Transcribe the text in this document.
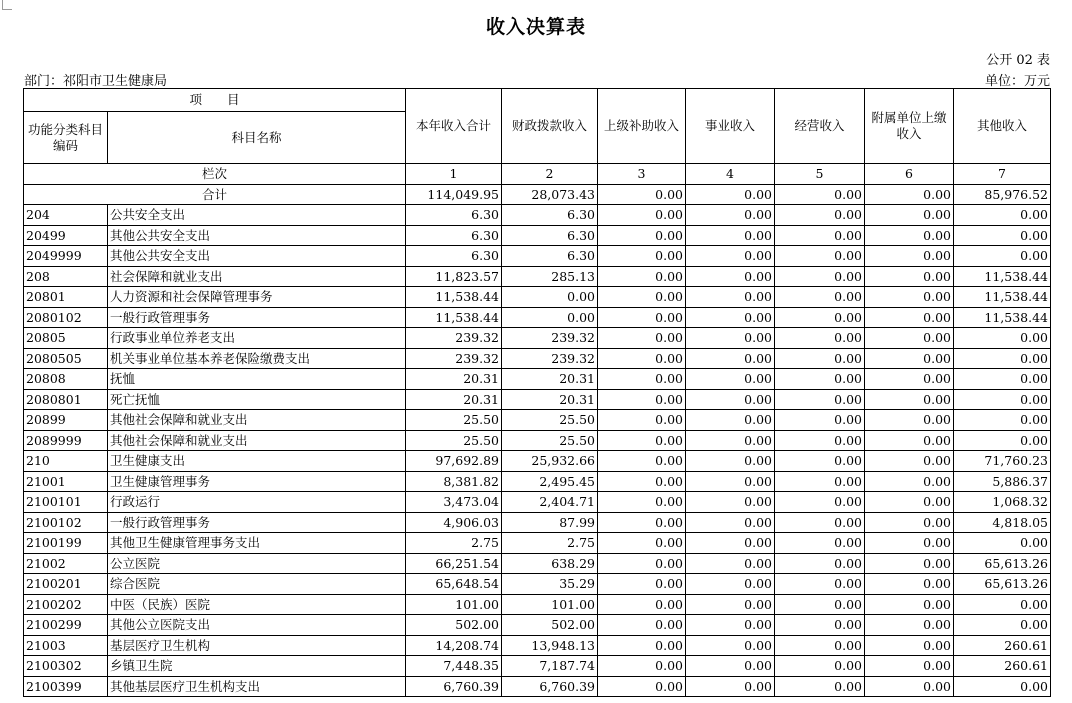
收入决算表
公开 02 表
部门：祁阳市卫生健康局	单位：万元
项　　目		本年收入合计	财政拨款收入	上级补助收入	事业收入	经营收入	附属单位上缴收入	其他收入
功能分类科目编码	科目名称							
栏次		1	2	3	4	5	6	7
合计		114,049.95	28,073.43	0.00	0.00	0.00	0.00	85,976.52
204	公共安全支出	6.30	6.30	0.00	0.00	0.00	0.00	0.00
20499	其他公共安全支出	6.30	6.30	0.00	0.00	0.00	0.00	0.00
2049999	其他公共安全支出	6.30	6.30	0.00	0.00	0.00	0.00	0.00
208	社会保障和就业支出	11,823.57	285.13	0.00	0.00	0.00	0.00	11,538.44
20801	人力资源和社会保障管理事务	11,538.44	0.00	0.00	0.00	0.00	0.00	11,538.44
2080102	一般行政管理事务	11,538.44	0.00	0.00	0.00	0.00	0.00	11,538.44
20805	行政事业单位养老支出	239.32	239.32	0.00	0.00	0.00	0.00	0.00
2080505	机关事业单位基本养老保险缴费支出	239.32	239.32	0.00	0.00	0.00	0.00	0.00
20808	抚恤	20.31	20.31	0.00	0.00	0.00	0.00	0.00
2080801	死亡抚恤	20.31	20.31	0.00	0.00	0.00	0.00	0.00
20899	其他社会保障和就业支出	25.50	25.50	0.00	0.00	0.00	0.00	0.00
2089999	其他社会保障和就业支出	25.50	25.50	0.00	0.00	0.00	0.00	0.00
210	卫生健康支出	97,692.89	25,932.66	0.00	0.00	0.00	0.00	71,760.23
21001	卫生健康管理事务	8,381.82	2,495.45	0.00	0.00	0.00	0.00	5,886.37
2100101	行政运行	3,473.04	2,404.71	0.00	0.00	0.00	0.00	1,068.32
2100102	一般行政管理事务	4,906.03	87.99	0.00	0.00	0.00	0.00	4,818.05
2100199	其他卫生健康管理事务支出	2.75	2.75	0.00	0.00	0.00	0.00	0.00
21002	公立医院	66,251.54	638.29	0.00	0.00	0.00	0.00	65,613.26
2100201	综合医院	65,648.54	35.29	0.00	0.00	0.00	0.00	65,613.26
2100202	中医（民族）医院	101.00	101.00	0.00	0.00	0.00	0.00	0.00
2100299	其他公立医院支出	502.00	502.00	0.00	0.00	0.00	0.00	0.00
21003	基层医疗卫生机构	14,208.74	13,948.13	0.00	0.00	0.00	0.00	260.61
2100302	乡镇卫生院	7,448.35	7,187.74	0.00	0.00	0.00	0.00	260.61
2100399	其他基层医疗卫生机构支出	6,760.39	6,760.39	0.00	0.00	0.00	0.00	0.00
